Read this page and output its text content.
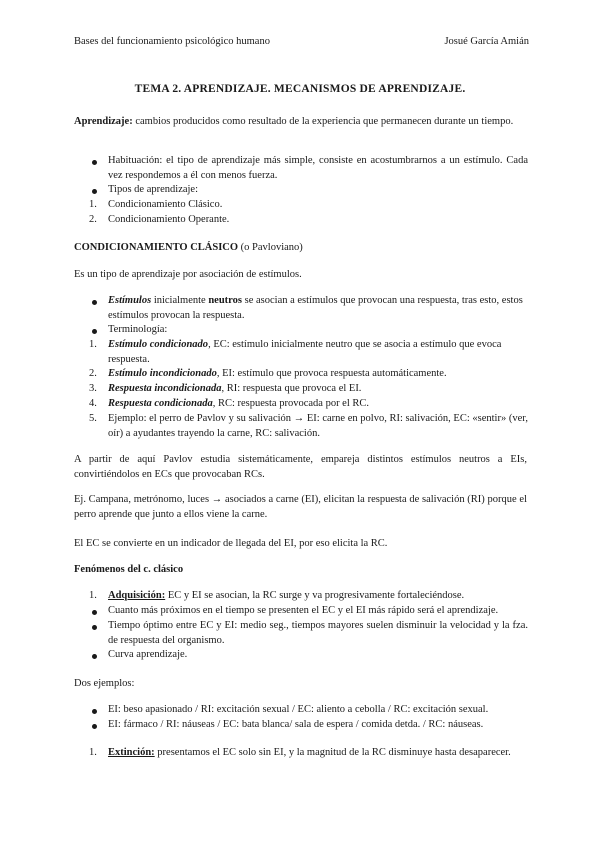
Bases del funcionamiento psicológico humano	Josué García Amián
TEMA 2. APRENDIZAJE. MECANISMOS DE APRENDIZAJE.
Aprendizaje: cambios producidos como resultado de la experiencia que permanecen durante un tiempo.
Habituación: el tipo de aprendizaje más simple, consiste en acostumbrarnos a un estímulo. Cada vez respondemos a él con menos fuerza.
Tipos de aprendizaje:
1. Condicionamiento Clásico.
2. Condicionamiento Operante.
CONDICIONAMIENTO CLÁSICO (o Pavloviano)
Es un tipo de aprendizaje por asociación de estímulos.
Estímulos inicialmente neutros se asocian a estímulos que provocan una respuesta, tras esto, estos estímulos provocan la respuesta.
Terminología:
1. Estímulo condicionado, EC: estímulo inicialmente neutro que se asocia a estímulo que evoca respuesta.
2. Estímulo incondicionado, EI: estímulo que provoca respuesta automáticamente.
3. Respuesta incondicionada, RI: respuesta que provoca el EI.
4. Respuesta condicionada, RC: respuesta provocada por el RC.
5. Ejemplo: el perro de Pavlov y su salivación → EI: carne en polvo, RI: salivación, EC: «sentir» (ver, oír) a ayudantes trayendo la carne, RC: salivación.
A partir de aquí Pavlov estudia sistemáticamente, empareja distintos estímulos neutros a EIs, convirtiéndolos en ECs que provocaban RCs.
Ej. Campana, metrónomo, luces → asociados a carne (EI), elicitan la respuesta de salivación (RI) porque el perro aprende que junto a ellos viene la carne.
El EC se convierte en un indicador de llegada del EI, por eso elicita la RC.
Fenómenos del c. clásico
1. Adquisición: EC y EI se asocian, la RC surge y va progresivamente fortaleciéndose.
Cuanto más próximos en el tiempo se presenten el EC y el EI más rápido será el aprendizaje.
Tiempo óptimo entre EC y EI: medio seg., tiempos mayores suelen disminuir la velocidad y la fza. de respuesta del organismo.
Curva aprendizaje.
Dos ejemplos:
EI: beso apasionado / RI: excitación sexual / EC: aliento a cebolla / RC: excitación sexual.
EI: fármaco / RI: náuseas / EC: bata blanca/ sala de espera / comida detda. / RC: náuseas.
1. Extinción: presentamos el EC solo sin EI, y la magnitud de la RC disminuye hasta desaparecer.
